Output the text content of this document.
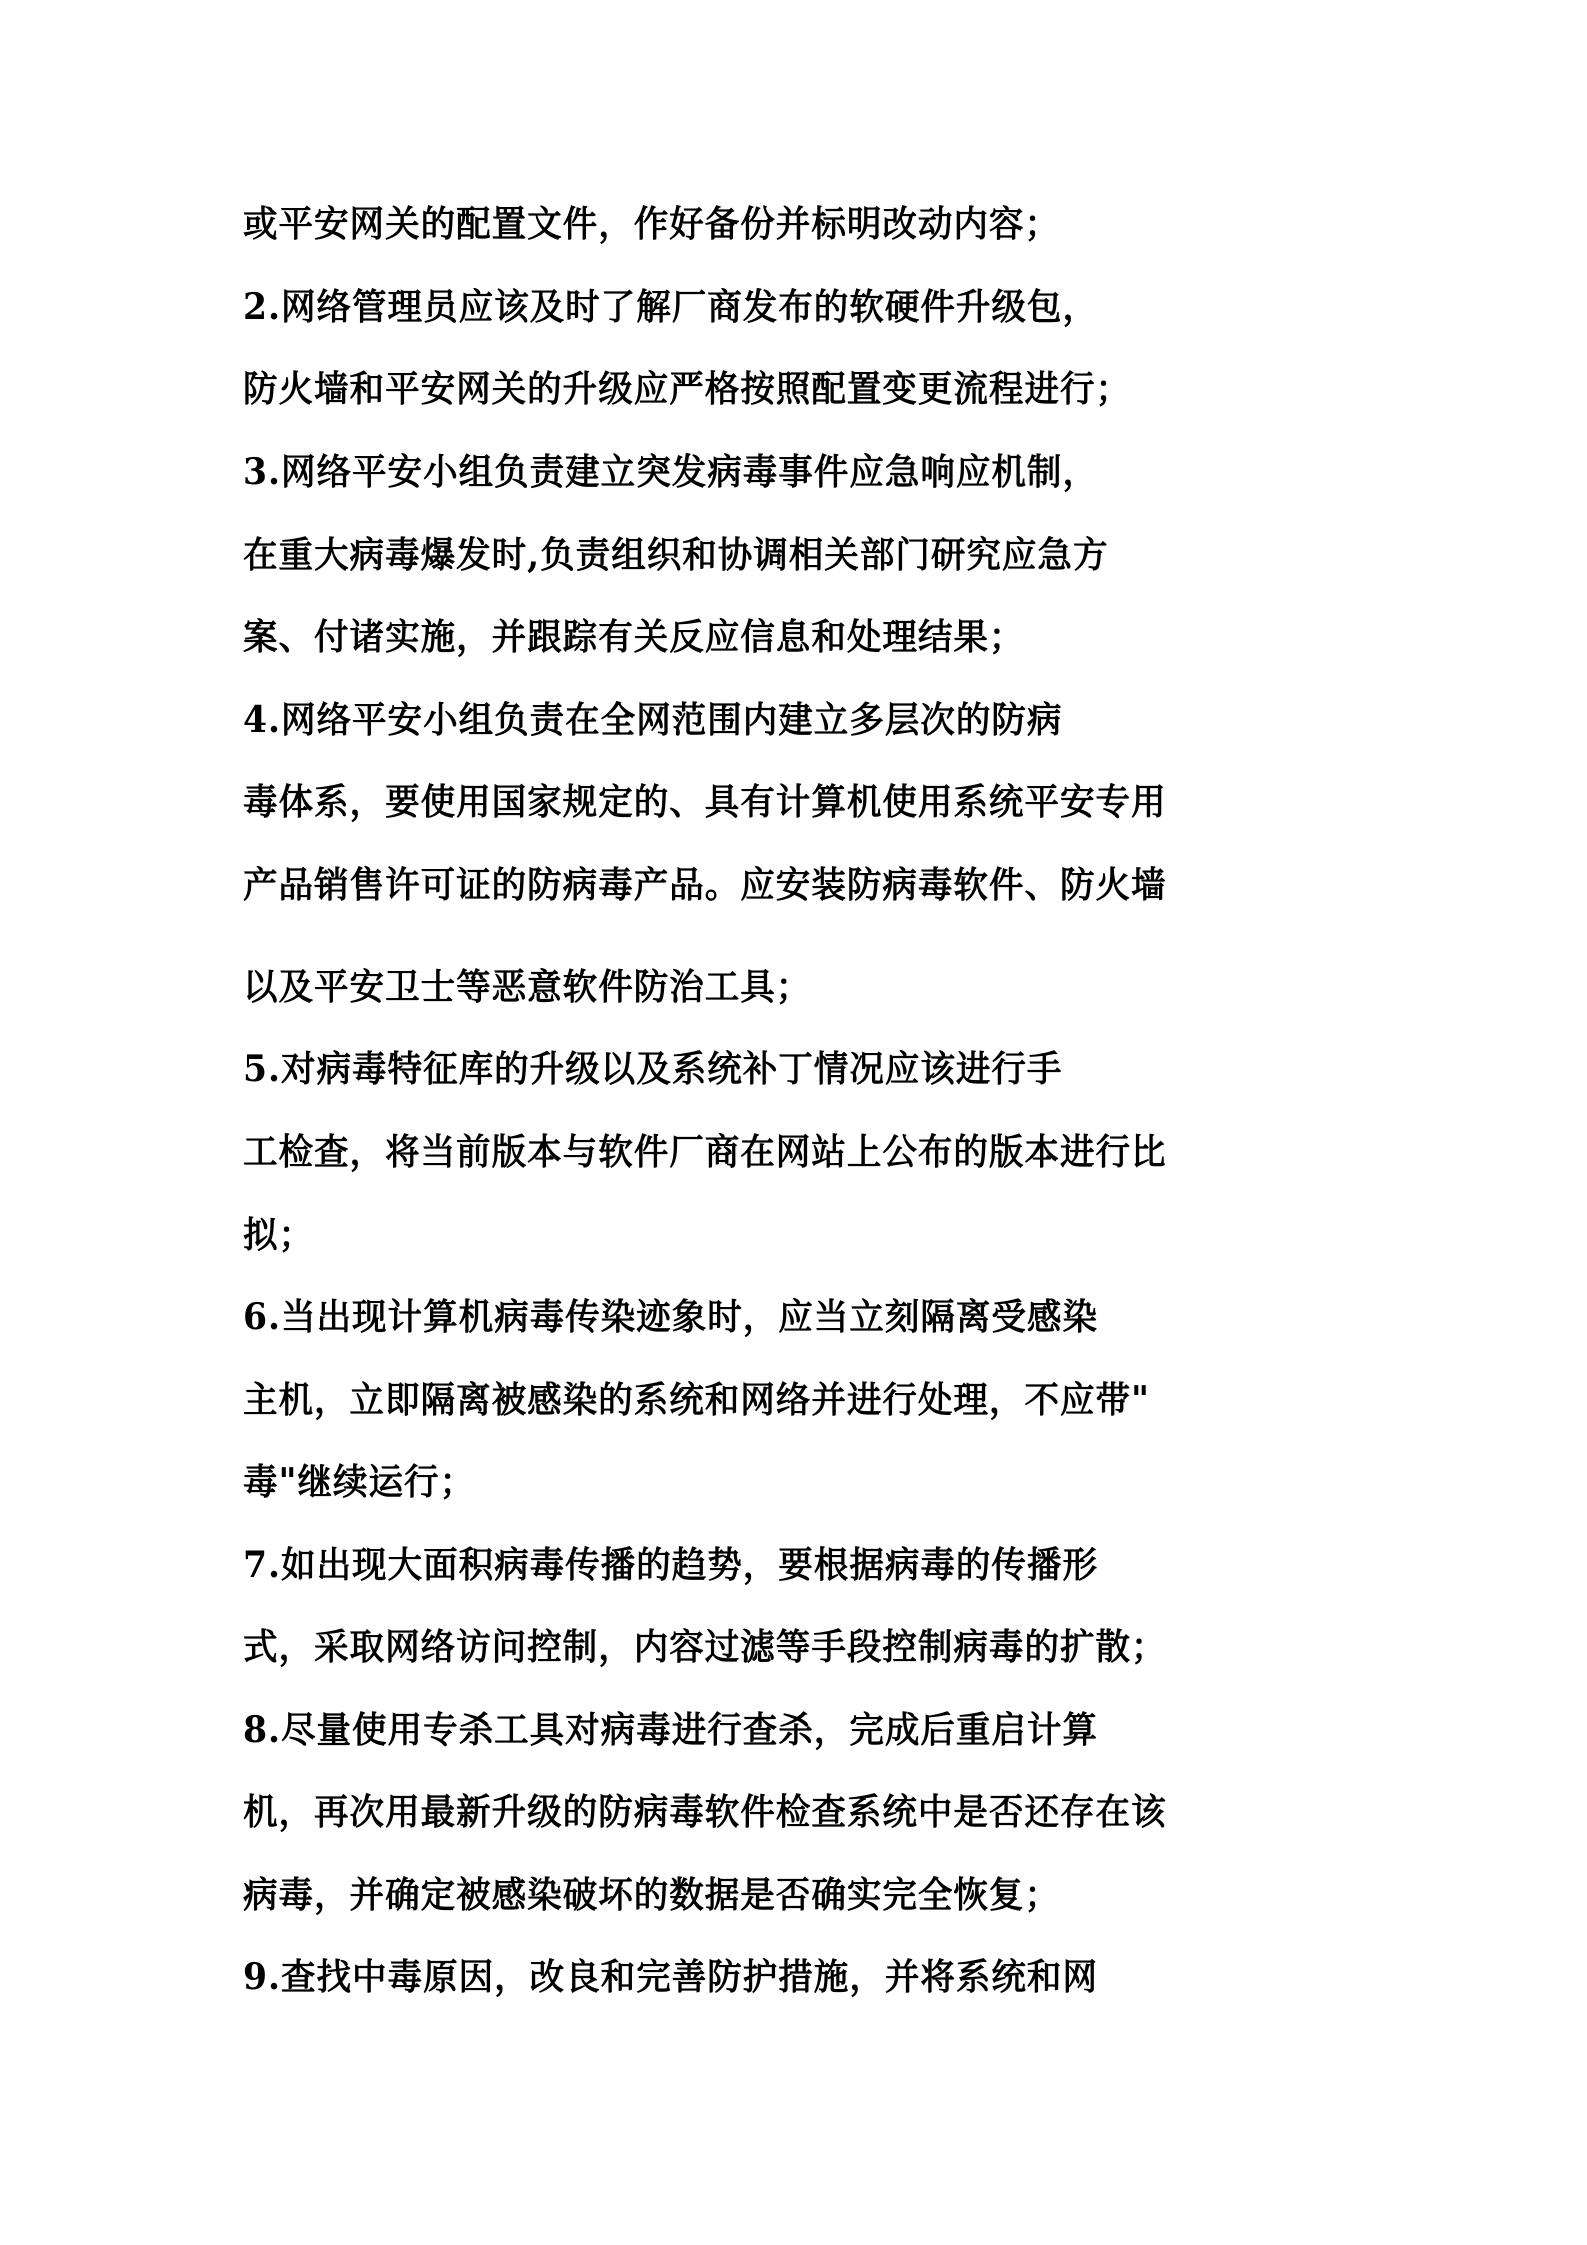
或平安网关的配置文件，作好备份并标明改动内容；
2.网络管理员应该及时了解厂商发布的软硬件升级包，
防火墙和平安网关的升级应严格按照配置变更流程进行；
3.网络平安小组负责建立突发病毒事件应急响应机制，
在重大病毒爆发时,负责组织和协调相关部门研究应急方
案、付诸实施，并跟踪有关反应信息和处理结果；
4.网络平安小组负责在全网范围内建立多层次的防病
毒体系，要使用国家规定的、具有计算机使用系统平安专用
产品销售许可证的防病毒产品。应安装防病毒软件、防火墙
以及平安卫士等恶意软件防治工具；
5.对病毒特征库的升级以及系统补丁情况应该进行手
工检查，将当前版本与软件厂商在网站上公布的版本进行比
拟；
6.当出现计算机病毒传染迹象时，应当立刻隔离受感染
主机，立即隔离被感染的系统和网络并进行处理，不应带"
毒"继续运行；
7.如出现大面积病毒传播的趋势，要根据病毒的传播形
式，采取网络访问控制，内容过滤等手段控制病毒的扩散；
8.尽量使用专杀工具对病毒进行查杀，完成后重启计算
机，再次用最新升级的防病毒软件检查系统中是否还存在该
病毒，并确定被感染破坏的数据是否确实完全恢复；
9.查找中毒原因，改良和完善防护措施，并将系统和网
